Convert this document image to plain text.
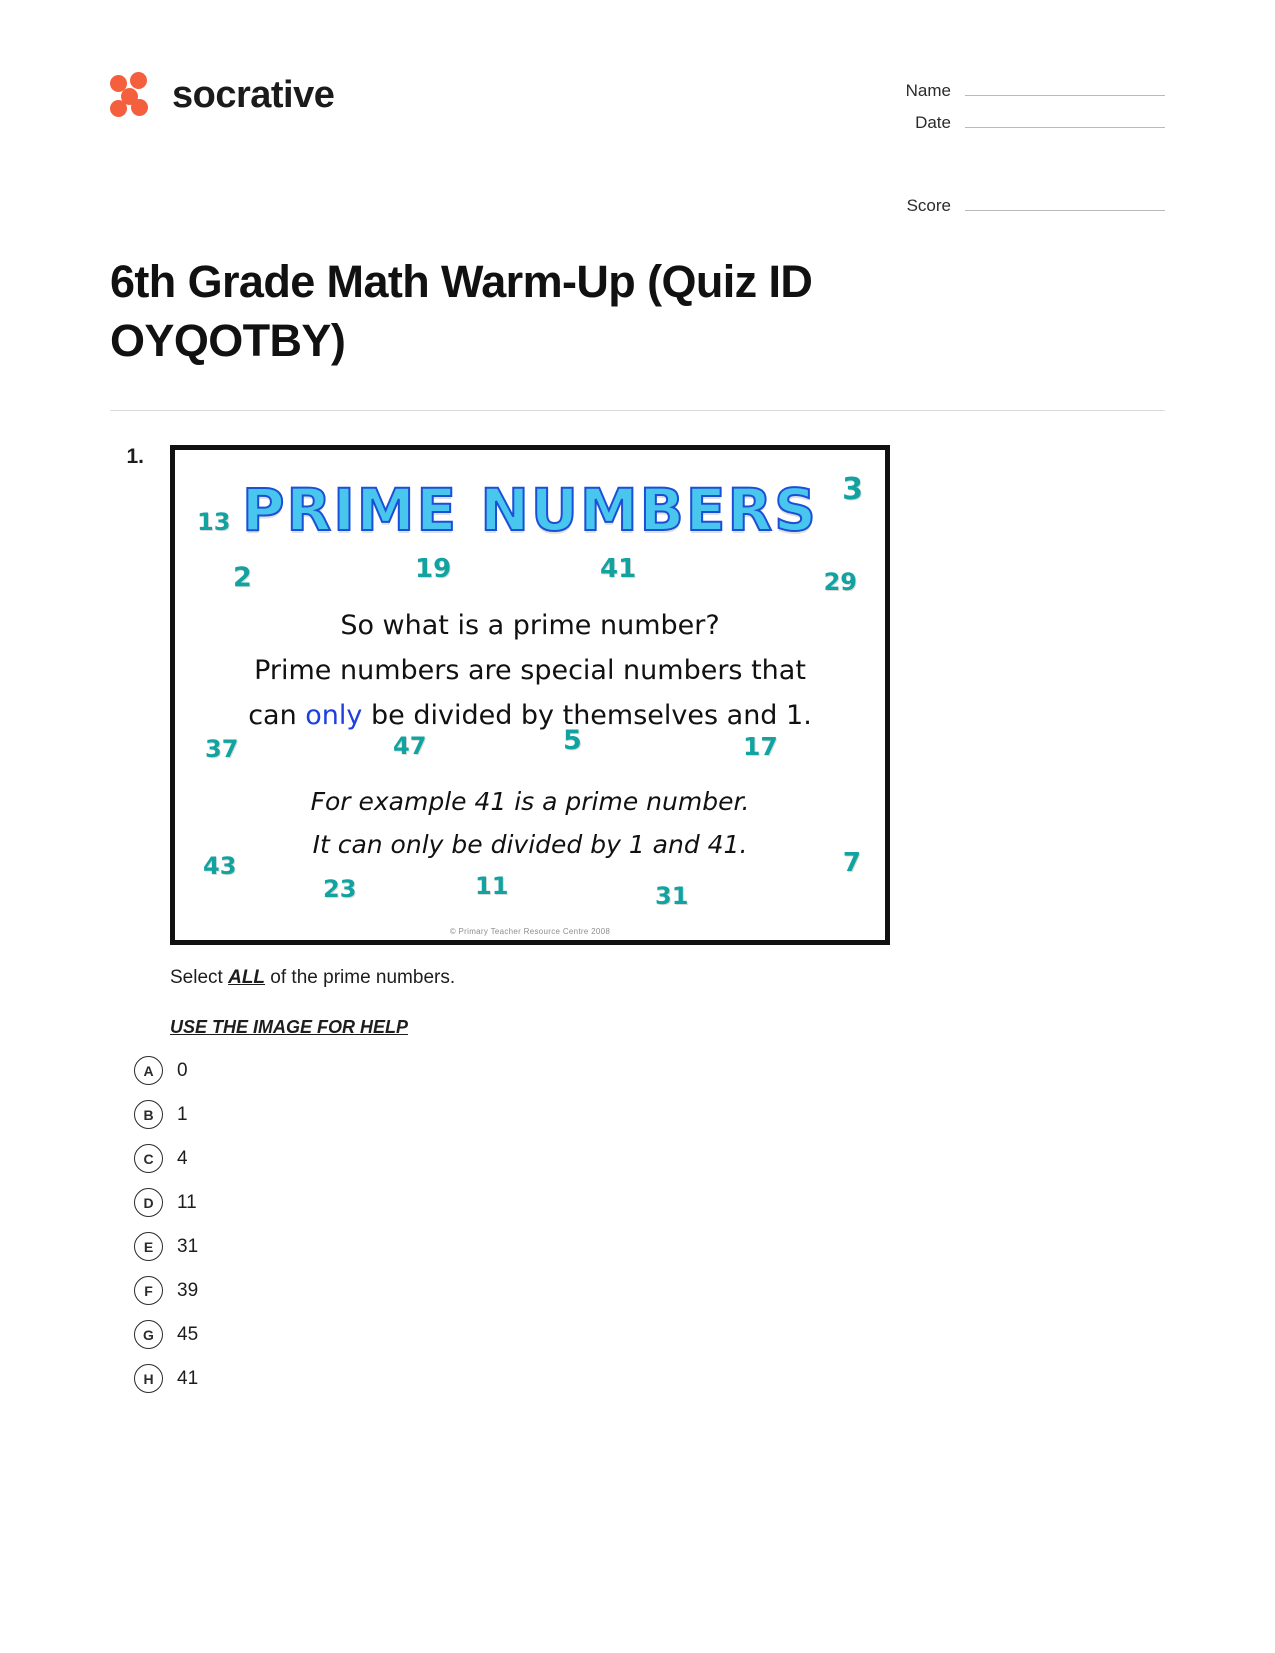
socrative	Name
Date
Score
6th Grade Math Warm-Up (Quiz ID OYQOTBY)
1.
PRIME NUMBERS
13
3
2	19	41	29
37	47	5	17
43
23	11	31
7
So what is a prime number?
Prime numbers are special numbers that
can only be divided by themselves and 1.
For example 41 is a prime number.
It can only be divided by 1 and 41.
© Primary Teacher Resource Centre 2008
Select ALL of the prime numbers.
USE THE IMAGE FOR HELP
A	0
B	1
C	4
D	11
E	31
F	39
G	45
H	41
